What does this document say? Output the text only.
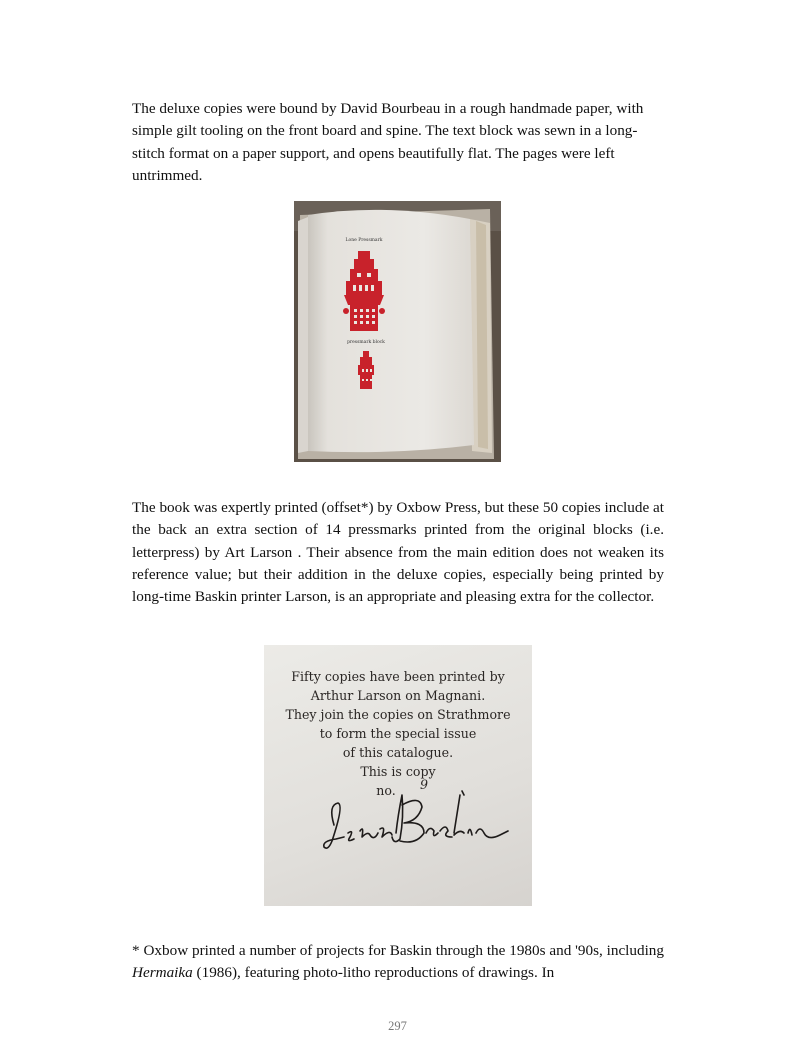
The deluxe copies were bound by David Bourbeau in a rough handmade paper, with simple gilt tooling on the front board and spine. The text block was sewn in a long-stitch format on a paper support, and opens beautifully flat. The pages were left untrimmed.

Lone Pressmark
pressmark block

The book was expertly printed (offset*) by Oxbow Press, but these 50 copies include at the back an extra section of 14 pressmarks printed from the original blocks (i.e. letterpress) by Art Larson . Their absence from the main edition does not weaken its reference value; but their addition in the deluxe copies, especially being printed by long-time Baskin printer Larson, is an appropriate and pleasing extra for the collector.

Fifty copies have been printed by
Arthur Larson on Magnani.
They join the copies on Strathmore
to form the special issue
of this catalogue.
This is copy
no.	9

* Oxbow printed a number of projects for Baskin through the 1980s and '90s, including Hermaika (1986), featuring photo-litho reproductions of drawings. In

297
